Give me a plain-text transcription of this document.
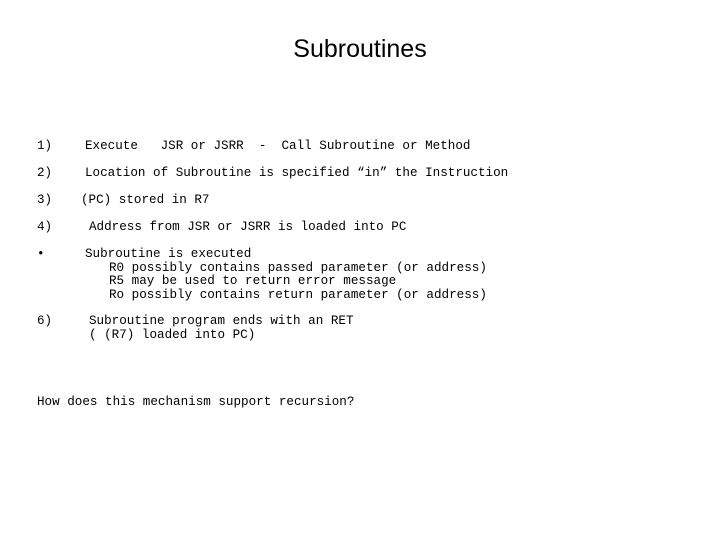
Subroutines
1)	Execute   JSR or JSRR  -  Call Subroutine or Method
2)	Location of Subroutine is specified “in” the Instruction
3) (PC) stored in R7
4)	Address from JSR or JSRR is loaded into PC
•	Subroutine is executed
R0 possibly contains passed parameter (or address)
R5 may be used to return error message
Ro possibly contains return parameter (or address)
6)	Subroutine program ends with an RET
( (R7) loaded into PC)
How does this mechanism support recursion?
